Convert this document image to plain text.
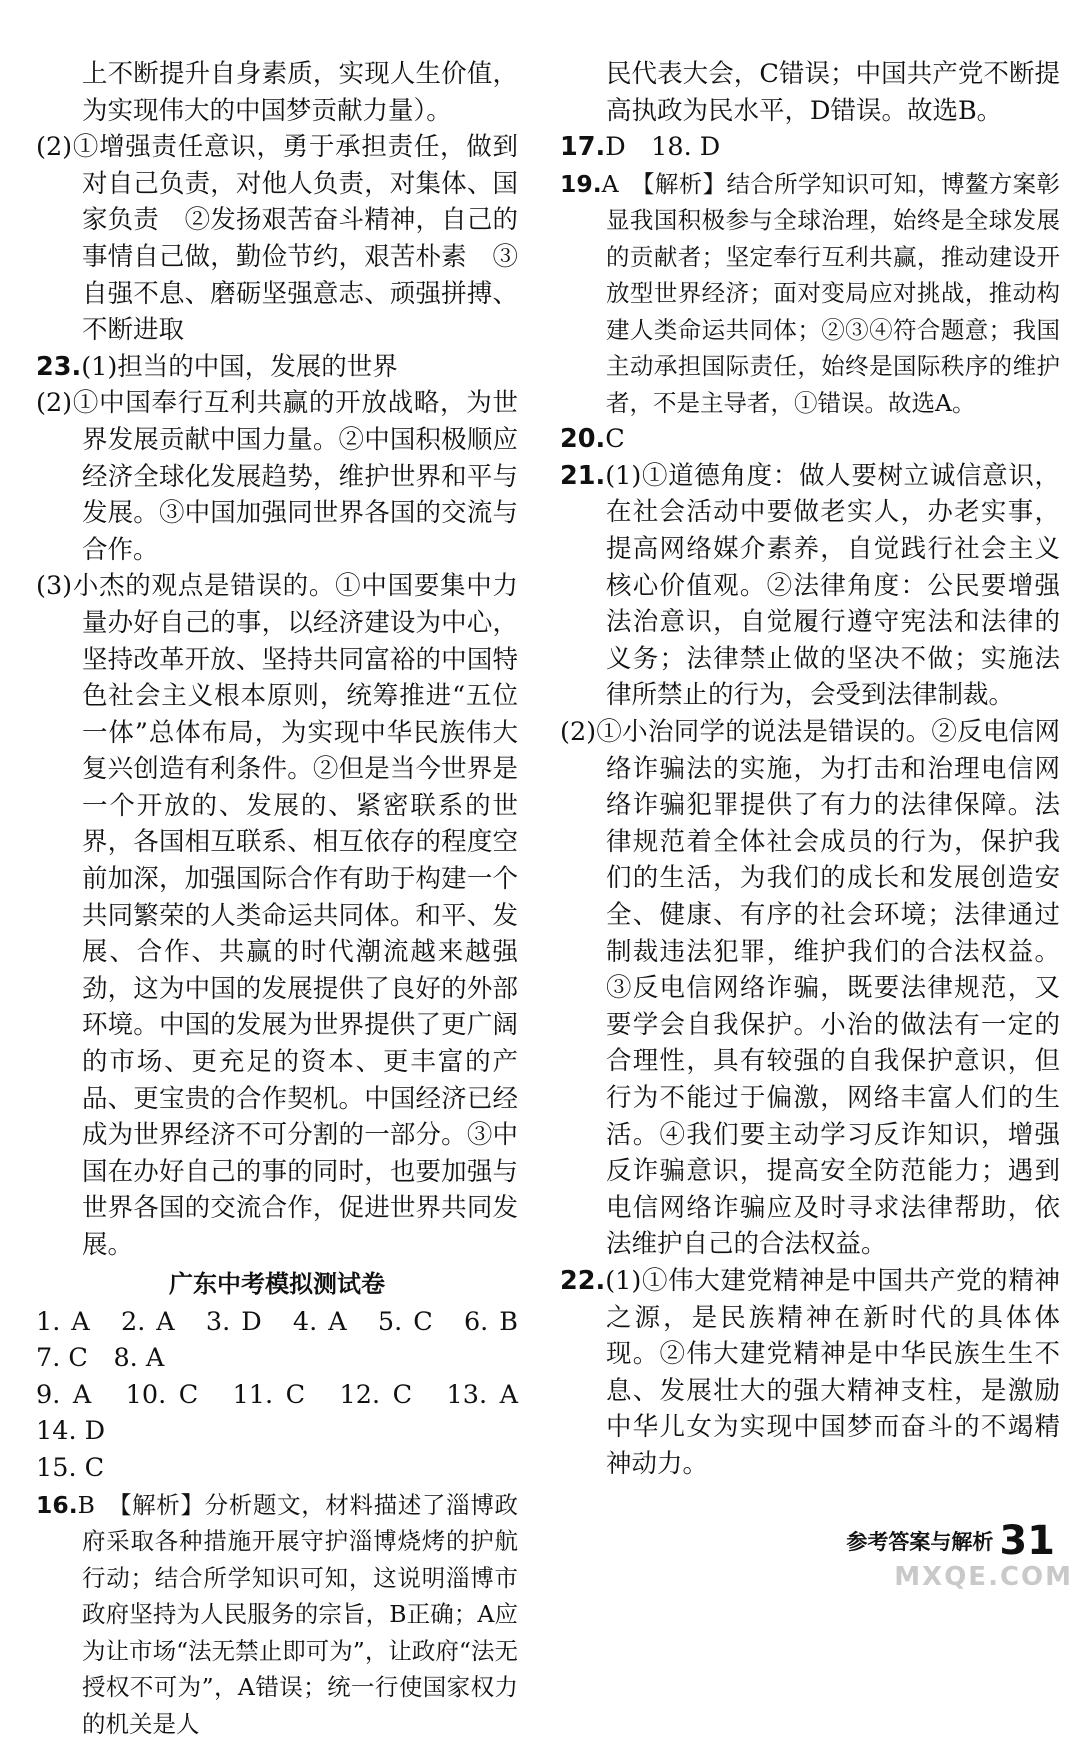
上不断提升自身素质，实现人生价值，为实现伟大的中国梦贡献力量）。
(2)①增强责任意识，勇于承担责任，做到对自己负责，对他人负责，对集体、国家负责　②发扬艰苦奋斗精神，自己的事情自己做，勤俭节约，艰苦朴素　③自强不息、磨砺坚强意志、顽强拼搏、不断进取
23.(1)担当的中国，发展的世界
(2)①中国奉行互利共赢的开放战略，为世界发展贡献中国力量。②中国积极顺应经济全球化发展趋势，维护世界和平与发展。③中国加强同世界各国的交流与合作。
(3)小杰的观点是错误的。①中国要集中力量办好自己的事，以经济建设为中心，坚持改革开放、坚持共同富裕的中国特色社会主义根本原则，统筹推进“五位一体”总体布局，为实现中华民族伟大复兴创造有利条件。②但是当今世界是一个开放的、发展的、紧密联系的世界，各国相互联系、相互依存的程度空前加深，加强国际合作有助于构建一个共同繁荣的人类命运共同体。和平、发展、合作、共赢的时代潮流越来越强劲，这为中国的发展提供了良好的外部环境。中国的发展为世界提供了更广阔的市场、更充足的资本、更丰富的产品、更宝贵的合作契机。中国经济已经成为世界经济不可分割的一部分。③中国在办好自己的事的同时，也要加强与世界各国的交流合作，促进世界共同发展。
广东中考模拟测试卷
1. A　2. A　3. D　4. A　5. C　6. B　7. C　8. A
9. A　10. C　11. C　12. C　13. A　14. D
15. C
16.B　【解析】分析题文，材料描述了淄博政府采取各种措施开展守护淄博烧烤的护航行动；结合所学知识可知，这说明淄博市政府坚持为人民服务的宗旨，B正确；A应为让市场“法无禁止即可为”，让政府“法无授权不可为”，A错误；统一行使国家权力的机关是人
民代表大会，C错误；中国共产党不断提高执政为民水平，D错误。故选B。
17.D　18. D
19.A　【解析】结合所学知识可知，博鳌方案彰显我国积极参与全球治理，始终是全球发展的贡献者；坚定奉行互利共赢，推动建设开放型世界经济；面对变局应对挑战，推动构建人类命运共同体；②③④符合题意；我国主动承担国际责任，始终是国际秩序的维护者，不是主导者，①错误。故选A。
20.C
21.(1)①道德角度：做人要树立诚信意识，在社会活动中要做老实人，办老实事，提高网络媒介素养，自觉践行社会主义核心价值观。②法律角度：公民要增强法治意识，自觉履行遵守宪法和法律的义务；法律禁止做的坚决不做；实施法律所禁止的行为，会受到法律制裁。
(2)①小治同学的说法是错误的。②反电信网络诈骗法的实施，为打击和治理电信网络诈骗犯罪提供了有力的法律保障。法律规范着全体社会成员的行为，保护我们的生活，为我们的成长和发展创造安全、健康、有序的社会环境；法律通过制裁违法犯罪，维护我们的合法权益。③反电信网络诈骗，既要法律规范，又要学会自我保护。小治的做法有一定的合理性，具有较强的自我保护意识，但行为不能过于偏激，网络丰富人们的生活。④我们要主动学习反诈知识，增强反诈骗意识，提高安全防范能力；遇到电信网络诈骗应及时寻求法律帮助，依法维护自己的合法权益。
22.(1)①伟大建党精神是中国共产党的精神之源，是民族精神在新时代的具体体现。②伟大建党精神是中华民族生生不息、发展壮大的强大精神支柱，是激励中华儿女为实现中国梦而奋斗的不竭精神动力。
参考答案与解析 31
MXQE.COM
